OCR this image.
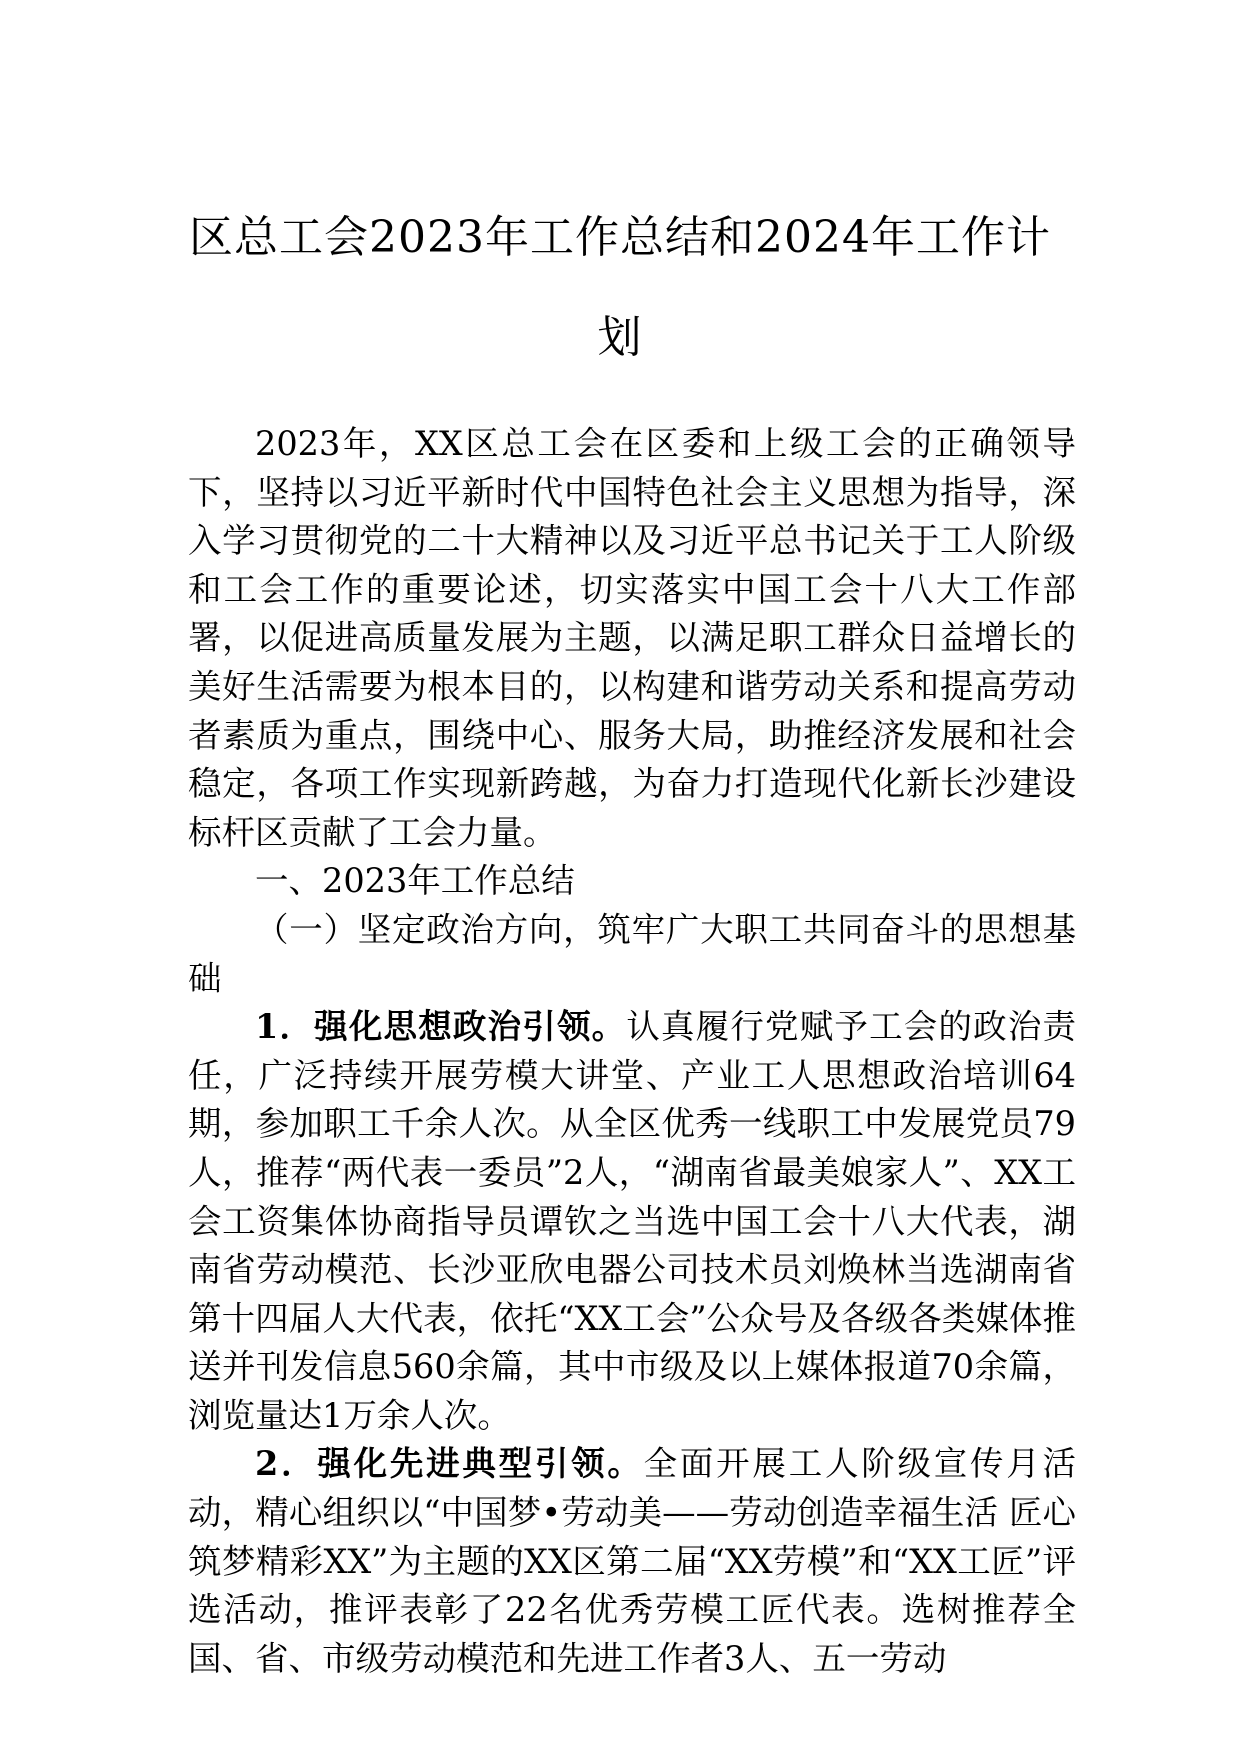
区总工会2023年工作总结和2024年工作计划

2023年，XX区总工会在区委和上级工会的正确领导下，坚持以习近平新时代中国特色社会主义思想为指导，深入学习贯彻党的二十大精神以及习近平总书记关于工人阶级和工会工作的重要论述，切实落实中国工会十八大工作部署，以促进高质量发展为主题，以满足职工群众日益增长的美好生活需要为根本目的，以构建和谐劳动关系和提高劳动者素质为重点，围绕中心、服务大局，助推经济发展和社会稳定，各项工作实现新跨越，为奋力打造现代化新长沙建设标杆区贡献了工会力量。

一、2023年工作总结

（一）坚定政治方向，筑牢广大职工共同奋斗的思想基础

1．强化思想政治引领。认真履行党赋予工会的政治责任，广泛持续开展劳模大讲堂、产业工人思想政治培训64期，参加职工千余人次。从全区优秀一线职工中发展党员79人，推荐“两代表一委员”2人，“湖南省最美娘家人”、XX工会工资集体协商指导员谭钦之当选中国工会十八大代表，湖南省劳动模范、长沙亚欣电器公司技术员刘焕林当选湖南省第十四届人大代表，依托“XX工会”公众号及各级各类媒体推送并刊发信息560余篇，其中市级及以上媒体报道70余篇，浏览量达1万余人次。

2．强化先进典型引领。全面开展工人阶级宣传月活动，精心组织以“中国梦•劳动美——劳动创造幸福生活 匠心筑梦精彩XX”为主题的XX区第二届“XX劳模”和“XX工匠”评选活动，推评表彰了22名优秀劳模工匠代表。选树推荐全国、省、市级劳动模范和先进工作者3人、五一劳动
